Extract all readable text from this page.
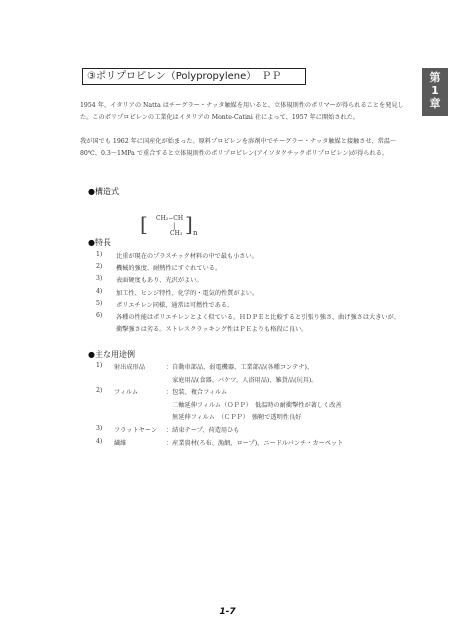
第
1
章
③ポリプロピレン（Polypropylene）　ＰＰ
1954 年、イタリアの Natta はチーグラー・ナッタ触媒を用いると、立体規則性のポリマーが得られることを発見した。このポリプロピレンの工業化はイタリアの Monte-Catini 社によって、1957 年に開始された。
我が国でも 1962 年に国産化が始まった。原料プロピレンを溶剤中でチーグラー・ナッタ触媒と接触させ、常温～80℃、0.3～1MPa で重合すると立体規則性のポリプロピレン(アイソタクチックポリプロピレン)が得られる。
●構造式
[ CH₂−CH
|
CH₃ ] n
●特長
1) 比重が現在のプラスチック材料の中で最も小さい。
2) 機械的強度、耐熱性にすぐれている。
3) 表面硬度もあり、光沢がよい。
4) 加工性、ヒンジ特性、化学的・電気的性質がよい。
5) ポリエチレン同様、通常は可燃性である。
6) 各種の性能はポリエチレンとよく似ている。ＨＤＰＥと比較すると引張り強さ、曲げ強さは大きいが、衝撃強さは劣る。ストレスクラッキング性はＰＥよりも格段に良い。
●主な用途例
1) 射出成形品	：自動車部品、弱電機器、工業部品(各種コンテナ)、
　家庭用品(食器、バケツ、人浴用品)、雑貨品(玩具)。
2) フィルム	：包装、複合フィルム
　二軸延伸フィルム（ＯＰＰ）　低温時の耐衝撃性が著しく改善
　無延伸フィルム　（ＣＰＰ）　強靭で透明性良好
3) フラットヤーン ：結束テープ、荷造用ひも
4) 繊維	：産業資材(ろ布、漁網、ロープ)、ニードルパンチ・カーペット
1-7
